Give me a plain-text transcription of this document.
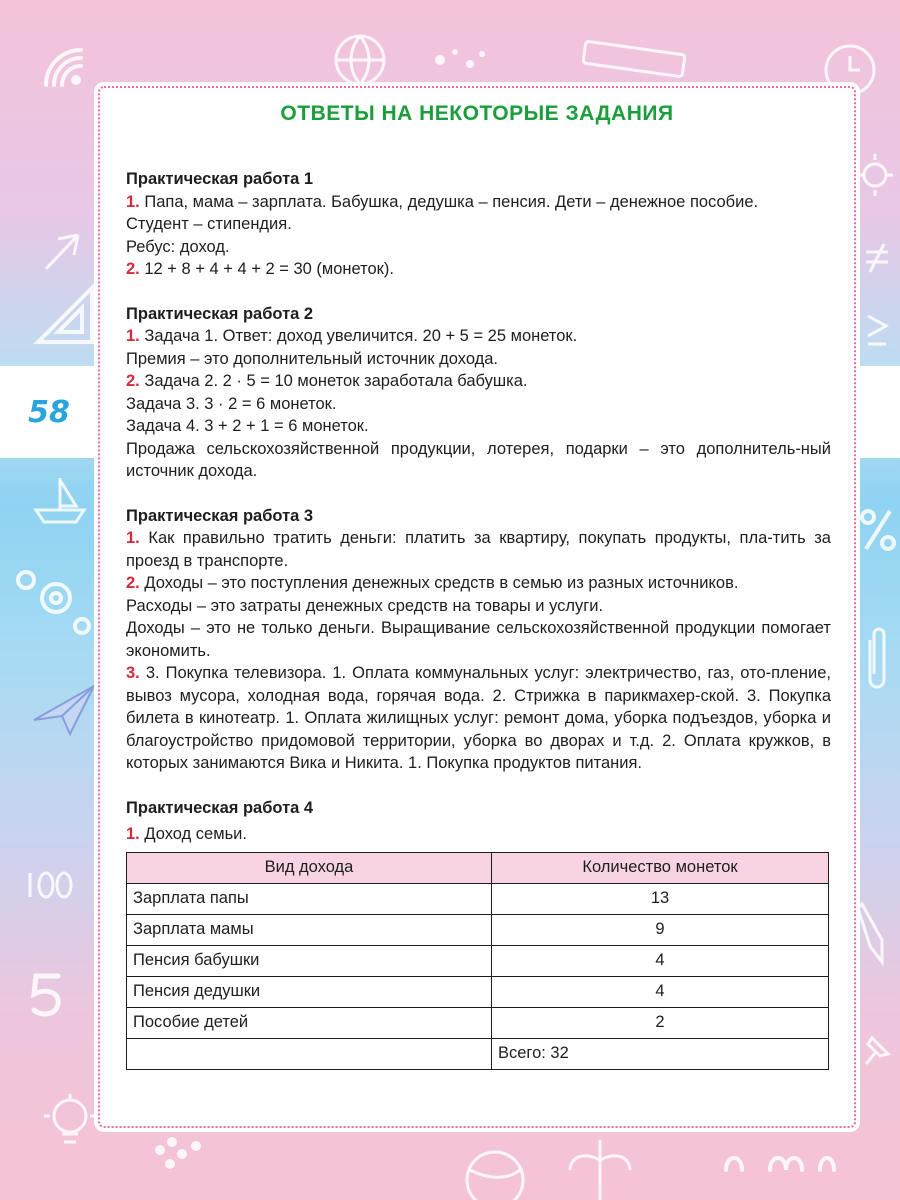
58
ОТВЕТЫ НА НЕКОТОРЫЕ ЗАДАНИЯ
Практическая работа 1
1. Папа, мама – зарплата. Бабушка, дедушка – пенсия. Дети – денежное пособие.
Студент – стипендия.
Ребус: доход.
2. 12 + 8 + 4 + 4 + 2 = 30 (монеток).
Практическая работа 2
1. Задача 1. Ответ: доход увеличится. 20 + 5 = 25 монеток.
Премия – это дополнительный источник дохода.
2. Задача 2. 2 · 5 = 10 монеток заработала бабушка.
Задача 3. 3 · 2 = 6 монеток.
Задача 4. 3 + 2 + 1 = 6 монеток.
Продажа сельскохозяйственной продукции, лотерея, подарки – это дополнитель-ный источник дохода.
Практическая работа 3
1. Как правильно тратить деньги: платить за квартиру, покупать продукты, пла-тить за проезд в транспорте.
2. Доходы – это поступления денежных средств в семью из разных источников.
Расходы – это затраты денежных средств на товары и услуги.
Доходы – это не только деньги. Выращивание сельскохозяйственной продукции помогает экономить.
3. 3. Покупка телевизора. 1. Оплата коммунальных услуг: электричество, газ, ото-пление, вывоз мусора, холодная вода, горячая вода. 2. Стрижка в парикмахер-ской. 3. Покупка билета в кинотеатр. 1. Оплата жилищных услуг: ремонт дома, уборка подъездов, уборка и благоустройство придомовой территории, уборка во дворах и т.д. 2. Оплата кружков, в которых занимаются Вика и Никита. 1. Покупка продуктов питания.
Практическая работа 4
1. Доход семьи.
Вид дохода	Количество монеток
Зарплата папы	13
Зарплата мамы	9
Пенсия бабушки	4
Пенсия дедушки	4
Пособие детей	2
	Всего: 32
